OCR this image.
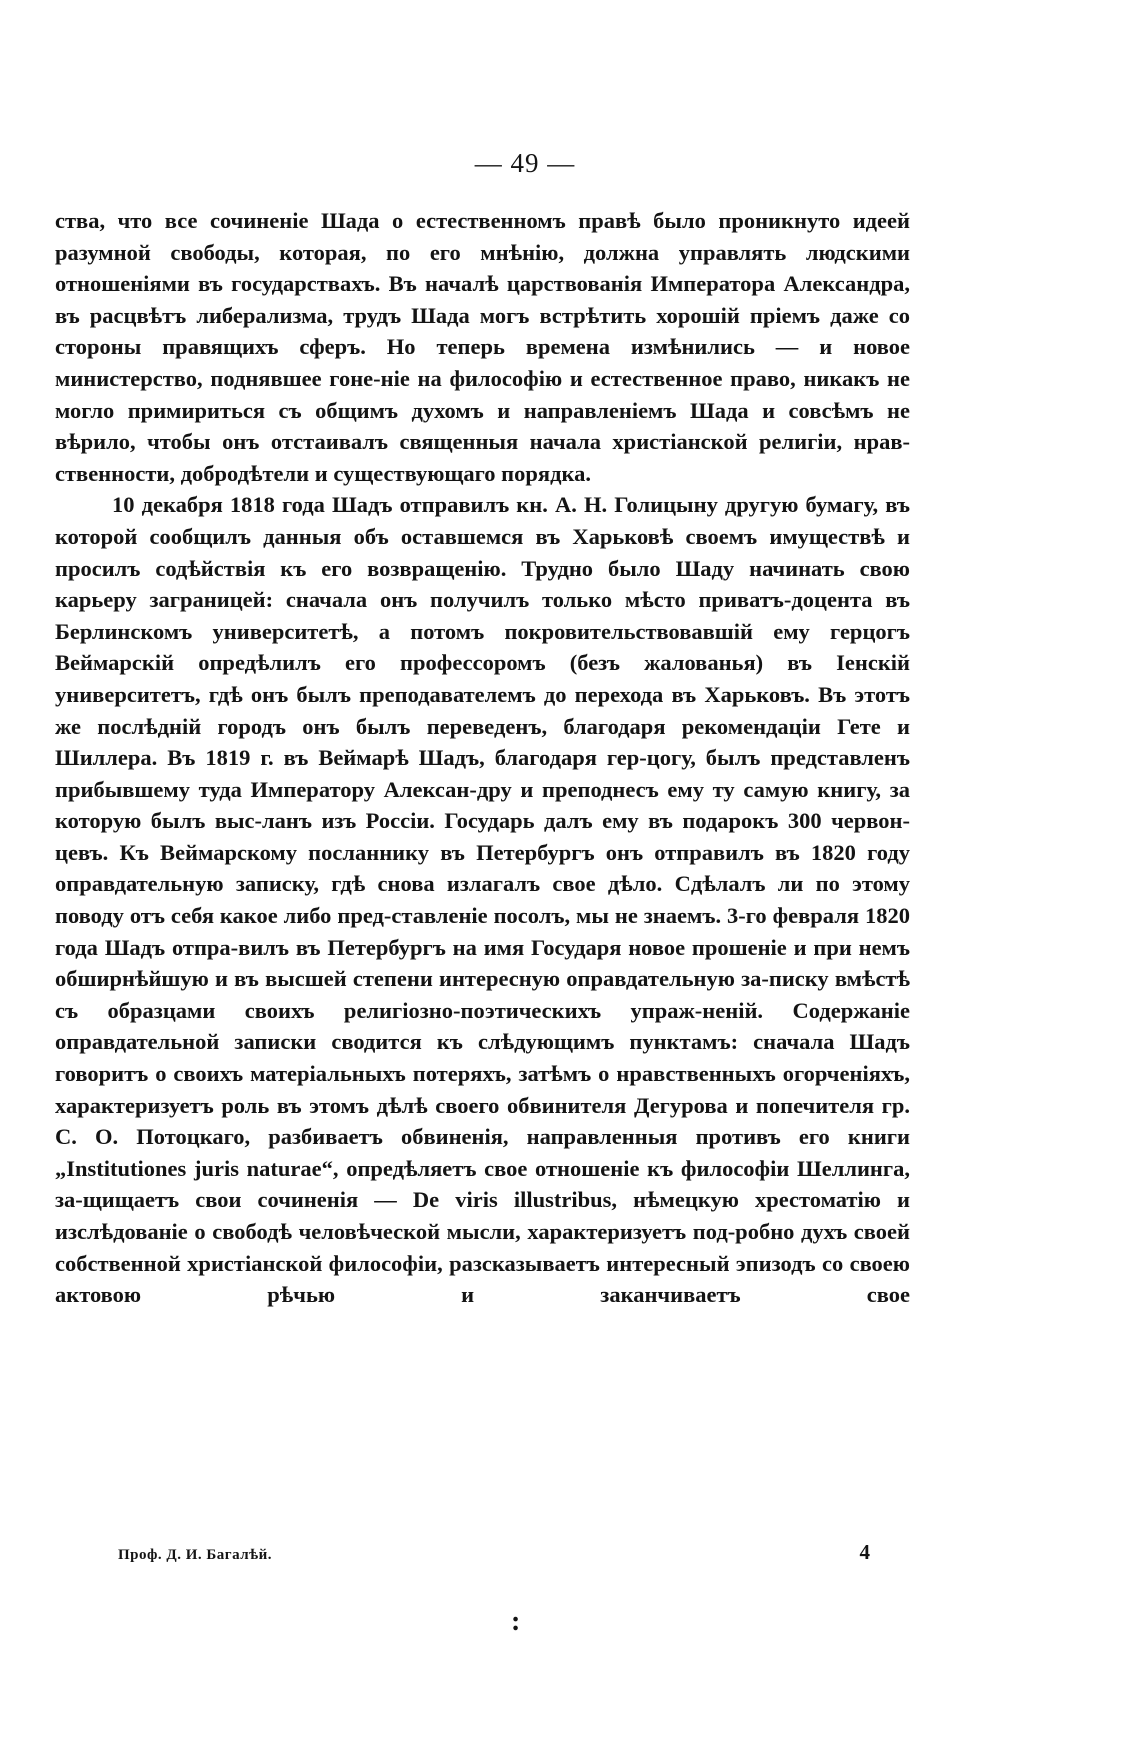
— 49 —

ства, что все сочиненіе Шада о естественномъ правѣ было проникнуто идеей разумной свободы, которая, по его мнѣнію, должна управлять людскими отношеніями въ государствахъ. Въ началѣ царствованія Императора Александра, въ расцвѣтъ либерализма, трудъ Шада могъ встрѣтить хорошій пріемъ даже со стороны правящихъ сферъ. Но теперь времена измѣнились — и новое министерство, поднявшее гоне-ніе на философію и естественное право, никакъ не могло примириться съ общимъ духомъ и направленіемъ Шада и совсѣмъ не вѣрило, чтобы онъ отстаивалъ священныя начала христіанской религіи, нрав-ственности, добродѣтели и существующаго порядка.

10 декабря 1818 года Шадъ отправилъ кн. А. Н. Голицыну другую бумагу, въ которой сообщилъ данныя объ оставшемся въ Харьковѣ своемъ имуществѣ и просилъ содѣйствія къ его возвращенію. Трудно было Шаду начинать свою карьеру заграницей: сначала онъ получилъ только мѣсто приватъ-доцента въ Берлинскомъ университетѣ, а потомъ покровительствовавшій ему герцогъ Веймарскій опредѣлилъ его профессоромъ (безъ жалованья) въ Іенскій университетъ, гдѣ онъ былъ преподавателемъ до перехода въ Харьковъ. Въ этотъ же послѣдній городъ онъ былъ переведенъ, благодаря рекомендаціи Гете и Шиллера. Въ 1819 г. въ Веймарѣ Шадъ, благодаря гер-цогу, былъ представленъ прибывшему туда Императору Алексан-дру и преподнесъ ему ту самую книгу, за которую былъ выс-ланъ изъ Россіи. Государь далъ ему въ подарокъ 300 червон-цевъ. Къ Веймарскому посланнику въ Петербургъ онъ отправилъ въ 1820 году оправдательную записку, гдѣ снова излагалъ свое дѣло. Сдѣлалъ ли по этому поводу отъ себя какое либо пред-ставленіе посолъ, мы не знаемъ. 3-го февраля 1820 года Шадъ отпра-вилъ въ Петербургъ на имя Государя новое прошеніе и при немъ обширнѣйшую и въ высшей степени интересную оправдательную за-писку вмѣстѣ съ образцами своихъ религіозно-поэтическихъ упраж-неній. Содержаніе оправдательной записки сводится къ слѣдующимъ пунктамъ: сначала Шадъ говоритъ о своихъ матеріальныхъ потеряхъ, затѣмъ о нравственныхъ огорченіяхъ, характеризуетъ роль въ этомъ дѣлѣ своего обвинителя Дегурова и попечителя гр. С. О. Потоцкаго, разбиваетъ обвиненія, направленныя противъ его книги „Institutiones juris naturae“, опредѣляетъ свое отношеніе къ философіи Шеллинга, за-щищаетъ свои сочиненія — De viris illustribus, нѣмецкую хрестоматію и изслѣдованіе о свободѣ человѣческой мысли, характеризуетъ под-робно духъ своей собственной христіанской философіи, разсказываетъ интересный эпизодъ со своею актовою рѣчью и заканчиваетъ свое

Проф. Д. И. Багалѣй.	4
:
